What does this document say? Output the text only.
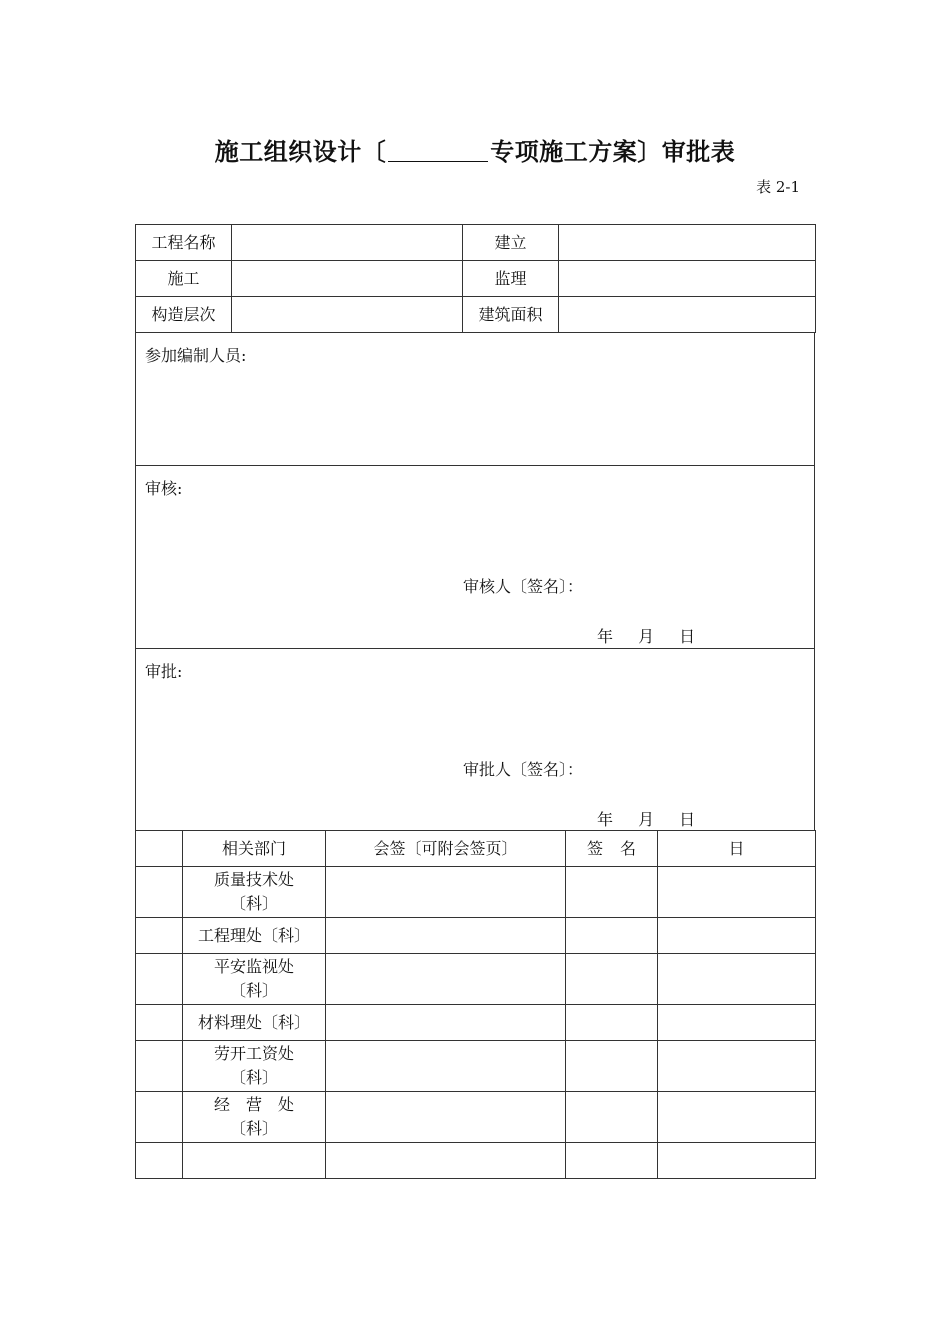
施工组织设计〔	专项施工方案〕审批表
表 2-1
工程名称		建立	
施工		监理	
构造层次		建筑面积	
参加编制人员:
审核:
审核人〔签名〕：
年 月 日
审批:
审批人〔签名〕：
年 月 日
	相关部门	会签〔可附会签页〕	签 名	日

	质量技术处
〔科〕			

	工程理处〔科〕			

	平安监视处
〔科〕			

	材料理处〔科〕			

	劳开工资处
〔科〕			

	经　营　处
〔科〕			
